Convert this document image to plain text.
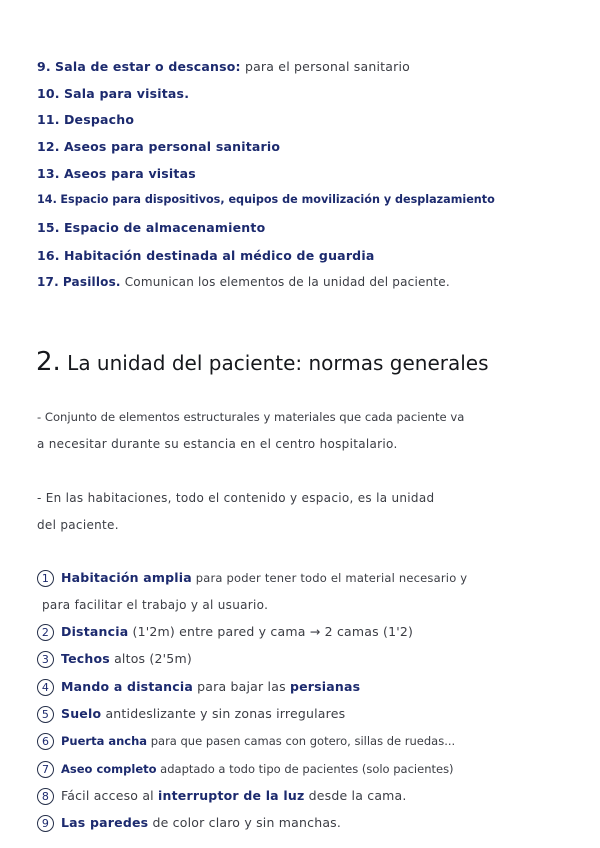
9. Sala de estar o descanso: para el personal sanitario
10. Sala para visitas.
11. Despacho
12. Aseos para personal sanitario
13. Aseos para visitas
14. Espacio para dispositivos, equipos de movilización y desplazamiento
15. Espacio de almacenamiento
16. Habitación destinada al médico de guardia
17. Pasillos. Comunican los elementos de la unidad del paciente.
2. La unidad del paciente: normas generales
- Conjunto de elementos estructurales y materiales que cada paciente va
a necesitar durante su estancia en el centro hospitalario.
- En las habitaciones, todo el contenido y espacio, es la unidad
del paciente.
1 Habitación amplia para poder tener todo el material necesario y
para facilitar el trabajo y al usuario.
2 Distancia (1'2m) entre pared y cama → 2 camas (1'2)
3 Techos altos (2'5m)
4 Mando a distancia para bajar las persianas
5 Suelo antideslizante y sin zonas irregulares
6 Puerta ancha para que pasen camas con gotero, sillas de ruedas...
7 Aseo completo adaptado a todo tipo de pacientes (solo pacientes)
8 Fácil acceso al interruptor de la luz desde la cama.
9 Las paredes de color claro y sin manchas.
